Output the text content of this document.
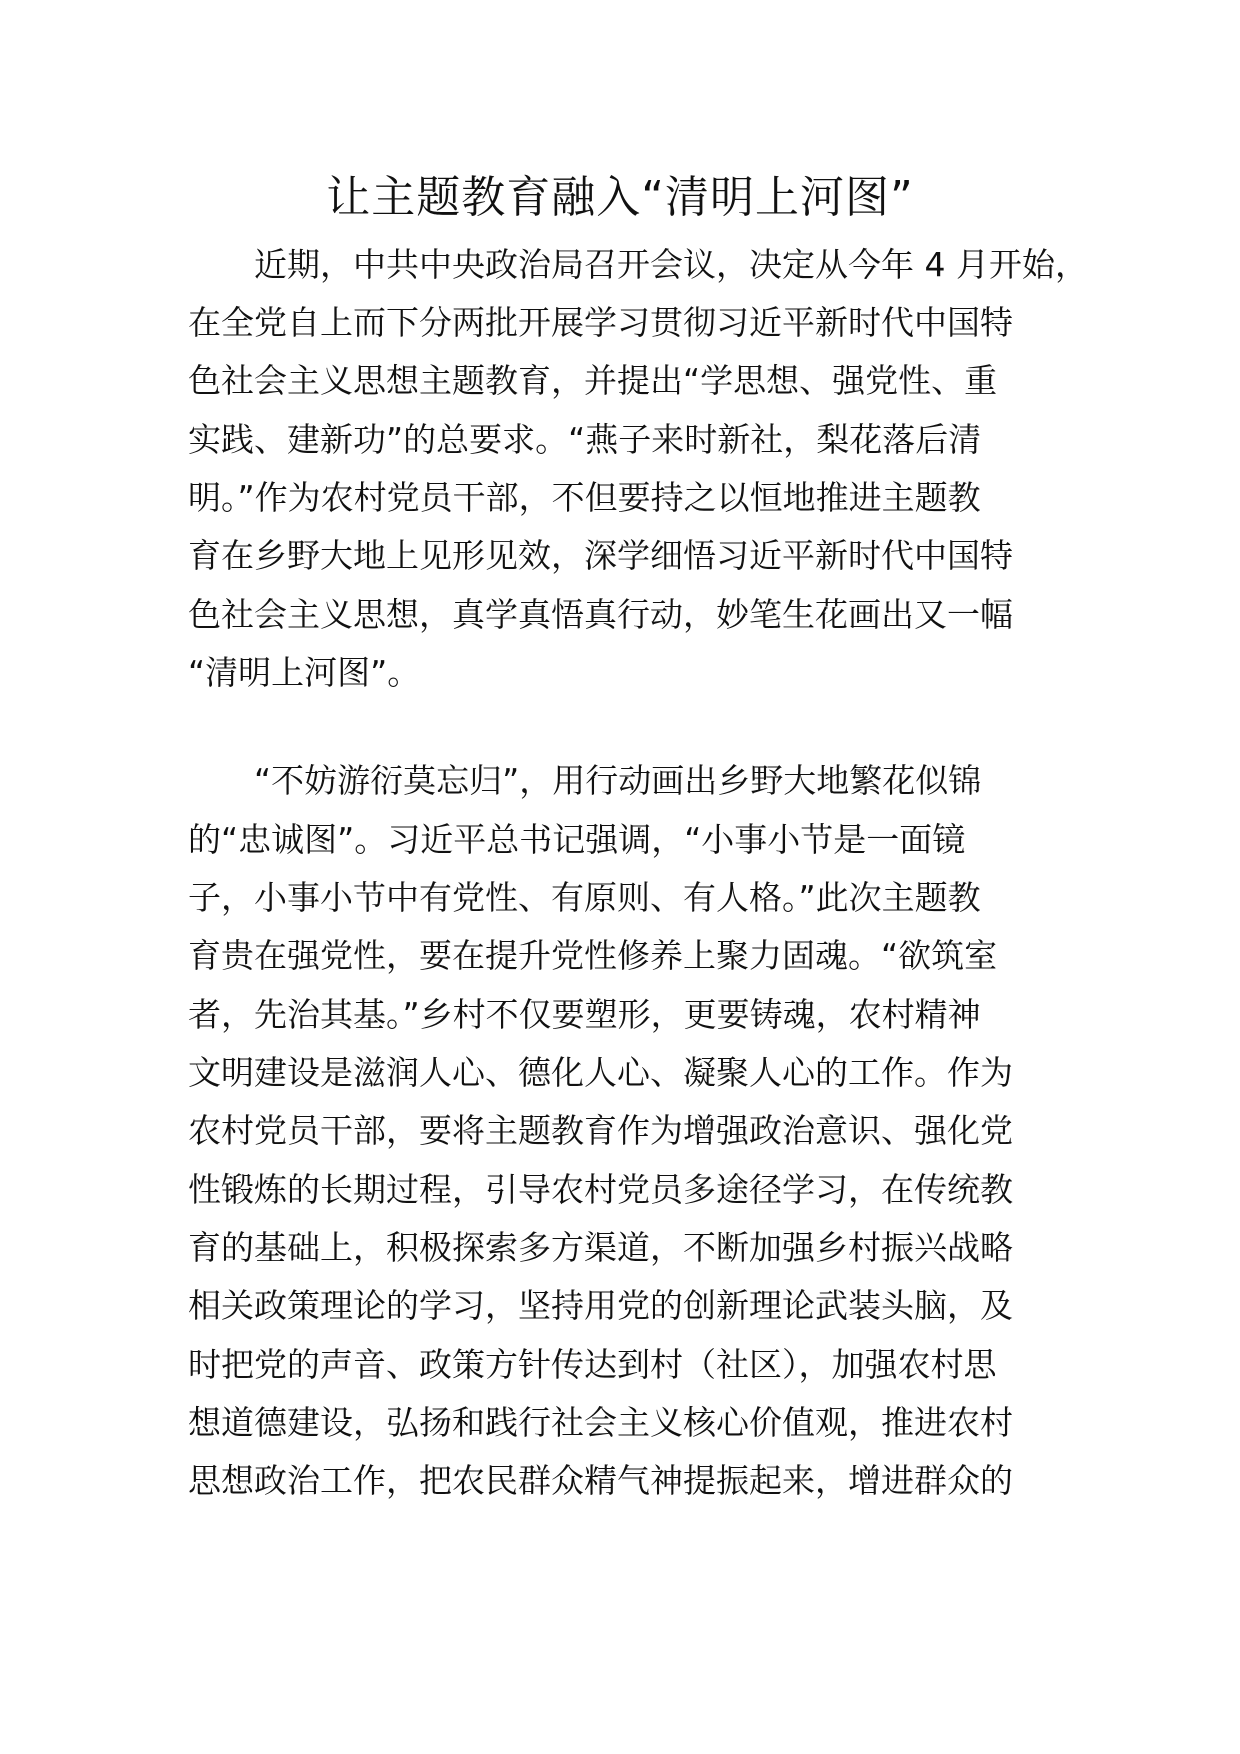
让主题教育融入“清明上河图”
　　近期，中共中央政治局召开会议，决定从今年 4 月开始，
在全党自上而下分两批开展学习贯彻习近平新时代中国特
色社会主义思想主题教育，并提出“学思想、强党性、重
实践、建新功”的总要求。“燕子来时新社，梨花落后清
明。”作为农村党员干部，不但要持之以恒地推进主题教
育在乡野大地上见形见效，深学细悟习近平新时代中国特
色社会主义思想，真学真悟真行动，妙笔生花画出又一幅
“清明上河图”。
　　“不妨游衍莫忘归”，用行动画出乡野大地繁花似锦
的“忠诚图”。习近平总书记强调，“小事小节是一面镜
子，小事小节中有党性、有原则、有人格。”此次主题教
育贵在强党性，要在提升党性修养上聚力固魂。“欲筑室
者，先治其基。”乡村不仅要塑形，更要铸魂，农村精神
文明建设是滋润人心、德化人心、凝聚人心的工作。作为
农村党员干部，要将主题教育作为增强政治意识、强化党
性锻炼的长期过程，引导农村党员多途径学习，在传统教
育的基础上，积极探索多方渠道，不断加强乡村振兴战略
相关政策理论的学习，坚持用党的创新理论武装头脑，及
时把党的声音、政策方针传达到村（社区），加强农村思
想道德建设，弘扬和践行社会主义核心价值观，推进农村
思想政治工作，把农民群众精气神提振起来，增进群众的
